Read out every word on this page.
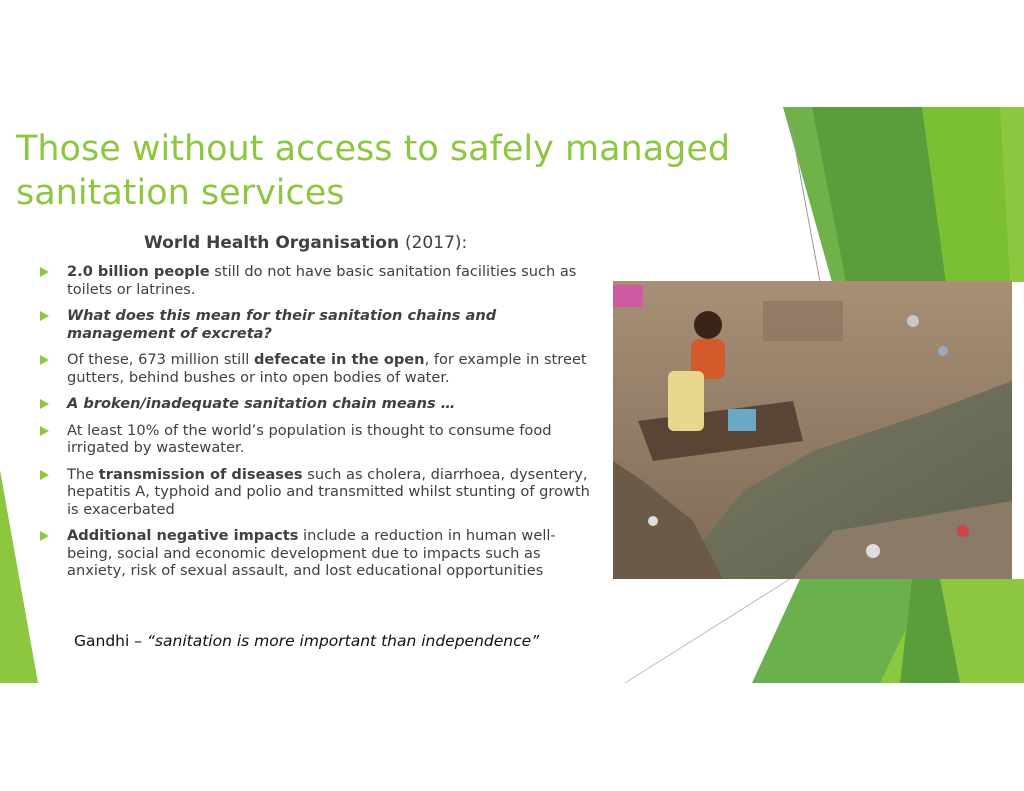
Those without access to safely managed sanitation services
World Health Organisation (2017):
2.0 billion people still do not have basic sanitation facilities such as toilets or latrines.
What does this mean for their sanitation chains and management of excreta?
Of these, 673 million still defecate in the open, for example in street gutters, behind bushes or into open bodies of water.
A broken/inadequate sanitation chain means …
At least 10% of the world’s population is thought to consume food irrigated by wastewater.
The transmission of diseases such as cholera, diarrhoea, dysentery, hepatitis A, typhoid and polio and transmitted whilst stunting of growth is exacerbated
Additional negative impacts include a reduction in human well-being, social and economic development due to impacts such as anxiety, risk of sexual assault, and lost educational opportunities
Gandhi – “sanitation is more important than independence”
